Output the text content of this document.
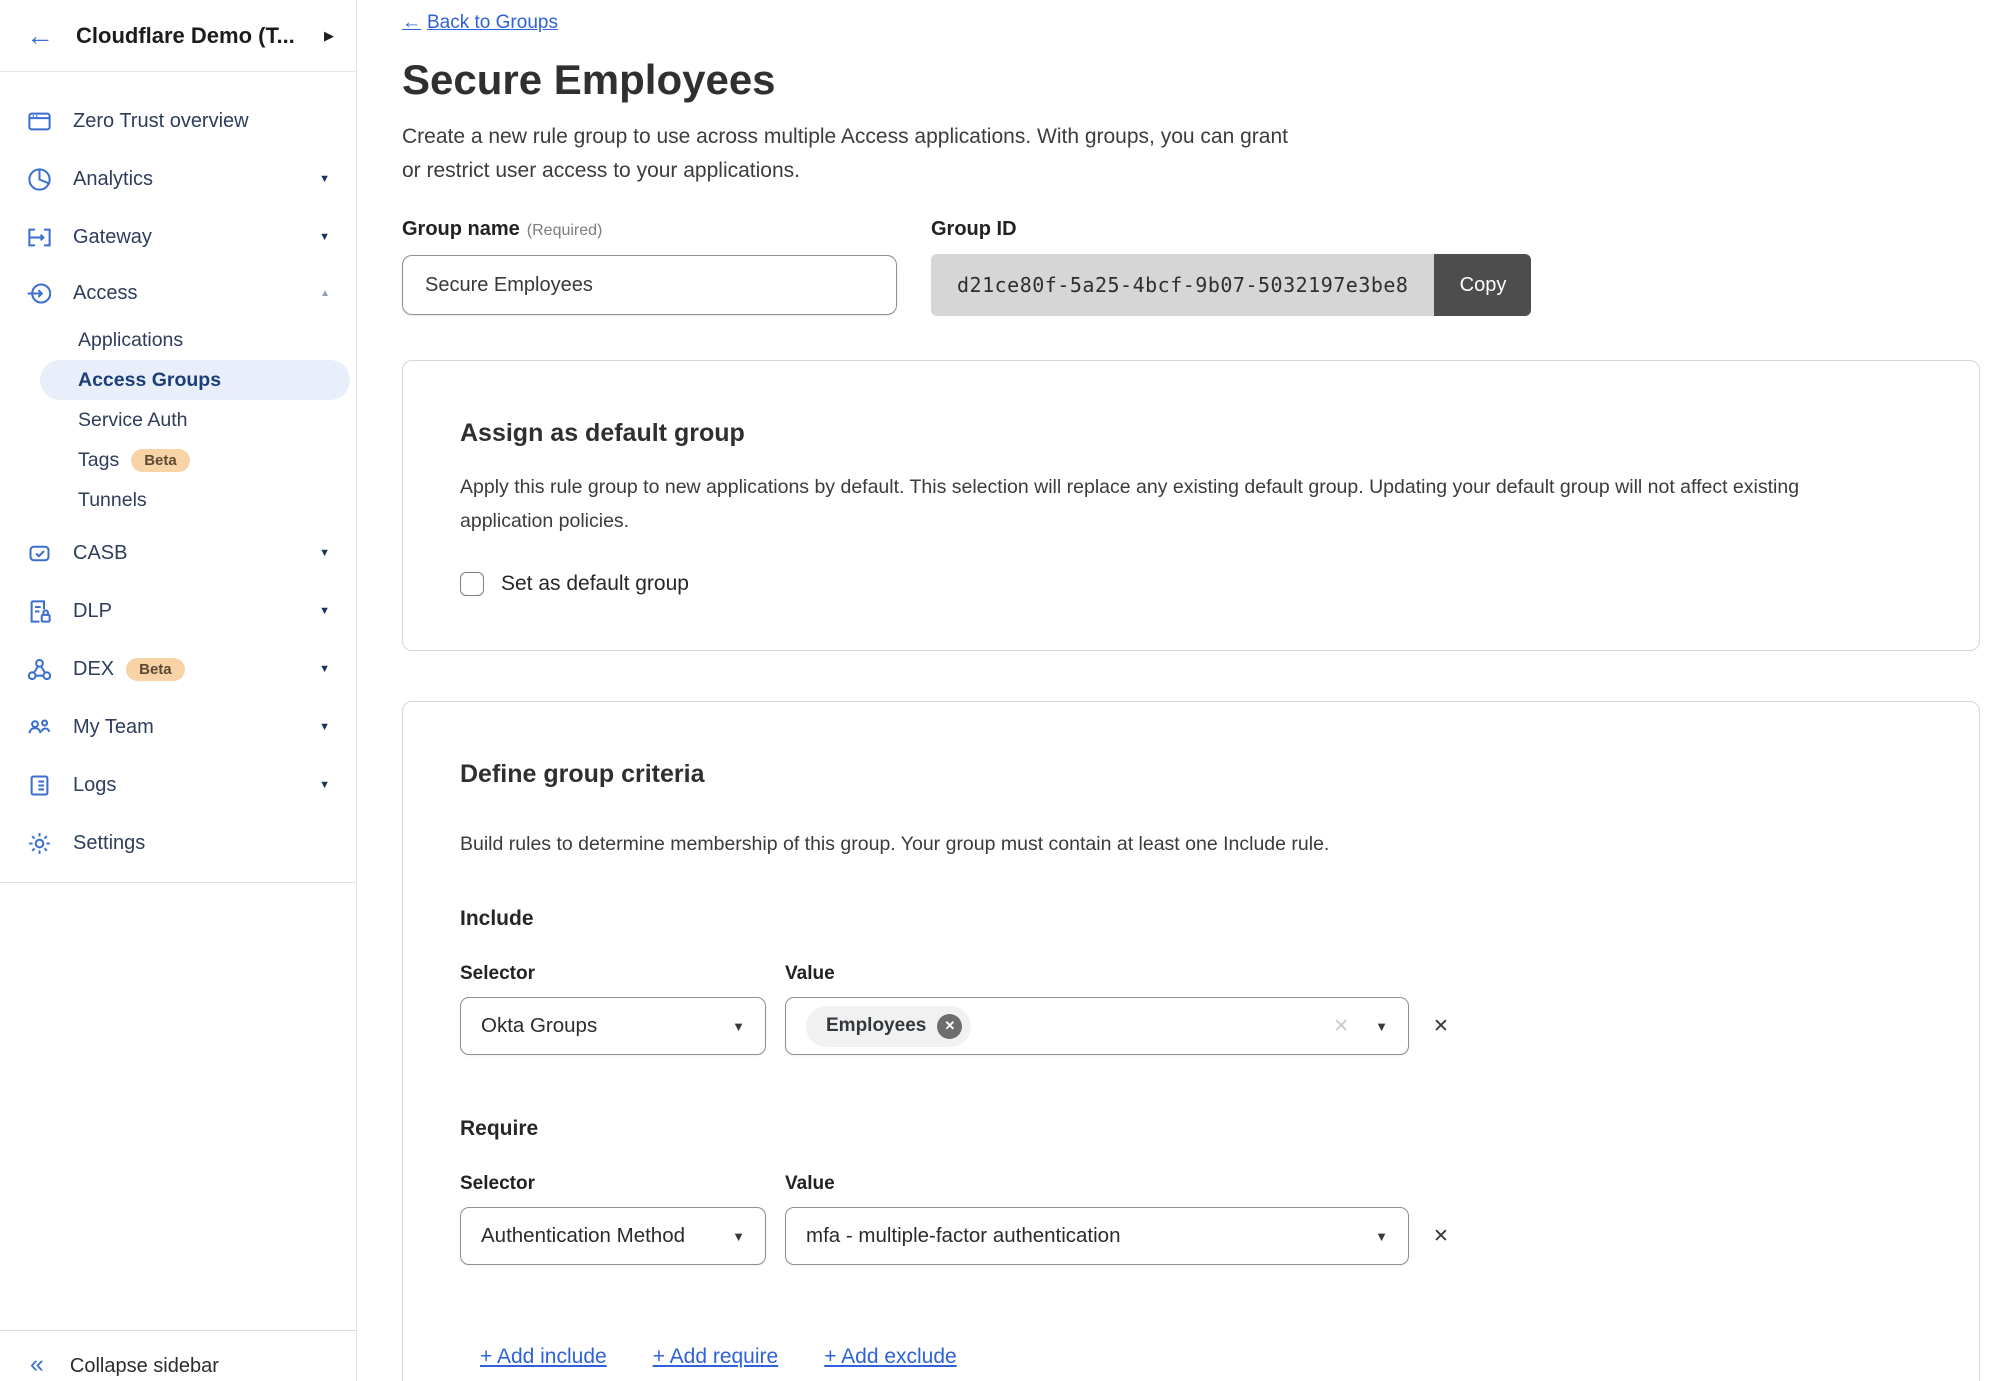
← Cloudflare Demo (T...	▶
Zero Trust overview
Analytics	▼
Gateway	▼
Access	▲
Applications
Access Groups
Service Auth
Tags	Beta
Tunnels
CASB	▼
DLP	▼
DEX	Beta	▼
My Team	▼
Logs	▼
Settings
« Collapse sidebar
← Back to Groups
Secure Employees
Create a new rule group to use across multiple Access applications. With groups, you can grant
or restrict user access to your applications.
Group name (Required)
Secure Employees	Group ID
d21ce80f-5a25-4bcf-9b07-5032197e3be8	Copy
Assign as default group
Apply this rule group to new applications by default. This selection will replace any existing default group. Updating your default group will not affect existing
application policies.
Set as default group
Define group criteria
Build rules to determine membership of this group. Your group must contain at least one Include rule.
Include
Selector	Value
Okta Groups	▼	Employees	✕	✕ ▼ ✕
Require
Selector	Value
Authentication Method	▼	mfa - multiple-factor authentication	▼ ✕
+ Add include + Add require + Add exclude
